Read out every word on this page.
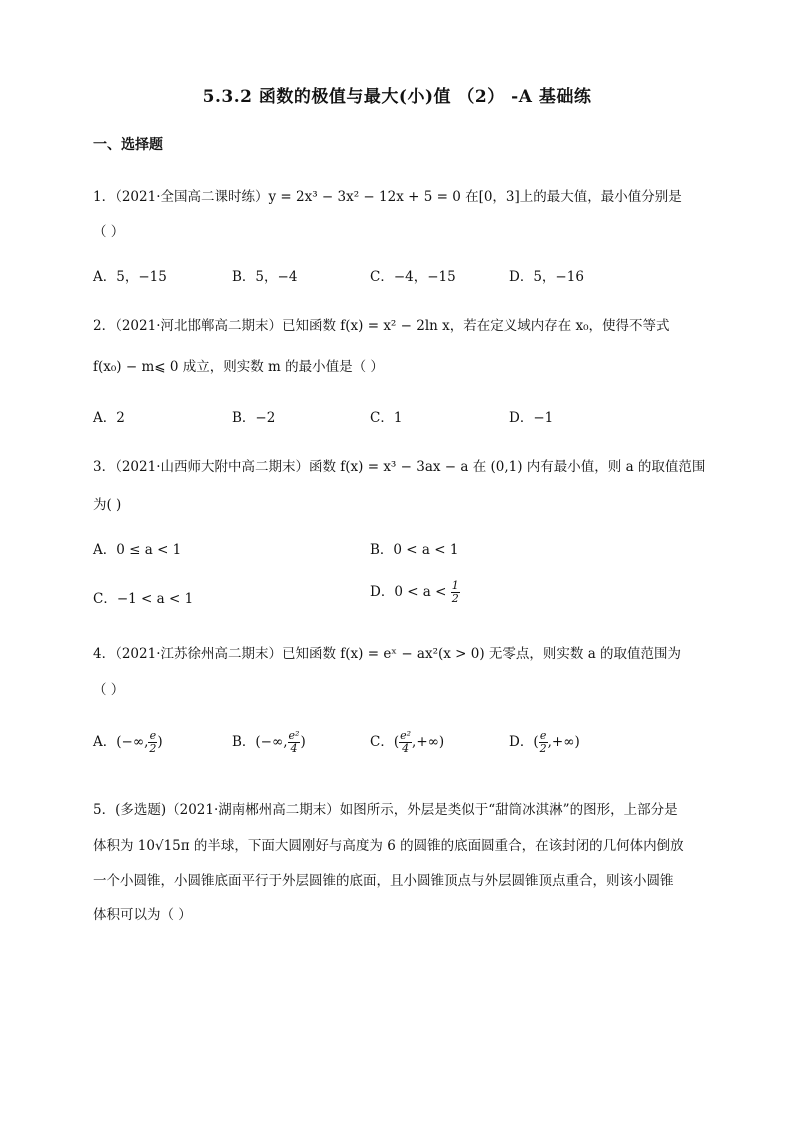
5.3.2 函数的极值与最大(小)值 （2） -A 基础练
一、选择题
1．（2021·全国高二课时练）y = 2x³ − 3x² − 12x + 5 = 0 在[0，3]上的最大值，最小值分别是
（ ）
A．5，−15	B．5，−4	C．−4，−15	D．5，−16
2．（2021·河北邯郸高二期末）已知函数 f(x) = x² − 2ln x，若在定义域内存在 x₀，使得不等式
f(x₀) − m⩽ 0 成立，则实数 m 的最小值是（ ）
A．2	B．−2	C．1	D．−1
3．（2021·山西师大附中高二期末）函数 f(x) = x³ − 3ax − a 在 (0,1) 内有最小值，则 a 的取值范围
为( )
A．0 ≤ a < 1	B．0 < a < 1
C．−1 < a < 1	D．$0 < a < \frac{1}{2}$
4．（2021·江苏徐州高二期末）已知函数 f(x) = eˣ − ax²(x > 0) 无零点，则实数 a 的取值范围为
（ ）
A．(−∞, $\frac{e}{2}$ )	B．(−∞, $\frac{\text{e²}}{4}$ )	C．( $\frac{\text{e²}}{4}$ ,+∞)	D．( $\frac{e}{2}$ ,+∞)
5．(多选题)（2021·湖南郴州高二期末）如图所示，外层是类似于“甜筒冰淇淋”的图形，上部分是
体积为 10√15π 的半球，下面大圆刚好与高度为 6 的圆锥的底面圆重合，在该封闭的几何体内倒放
一个小圆锥，小圆锥底面平行于外层圆锥的底面，且小圆锥顶点与外层圆锥顶点重合，则该小圆锥
体积可以为（ ）
